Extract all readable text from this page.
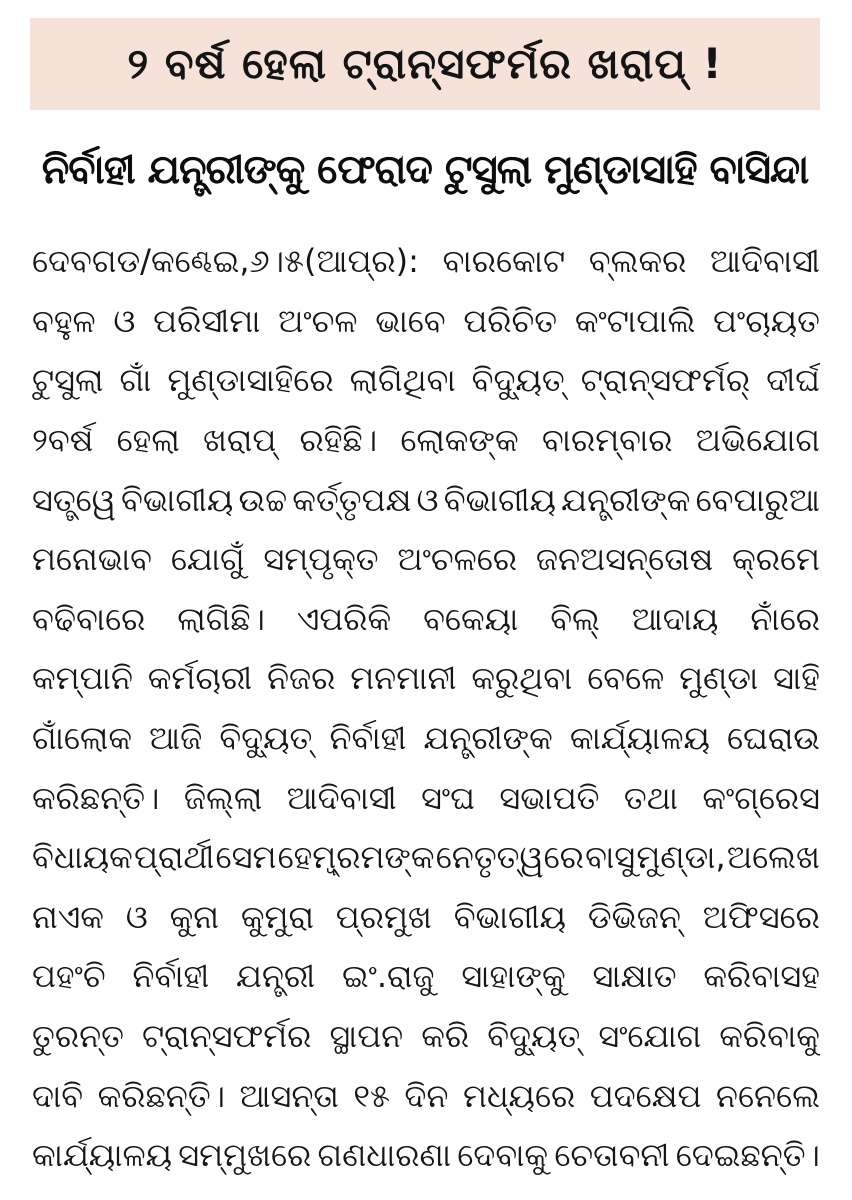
୨ ବର୍ଷ ହେଲା ଟ୍ରାନ୍ସଫର୍ମର ଖରାପ୍ !
ନିର୍ବାହୀ ଯନ୍ତ୍ରୀଙ୍କୁ ଫେରାଦ ଟୁସୁଲା ମୁଣ୍ଡାସାହି ବାସିନ୍ଦା
ଦେବଗଡ/କଣ୍ଢେଇ,୬।୫(ଆପ୍ର): ବାରକୋଟ ବ୍ଲକର ଆଦିବାସୀ
ବହୁଳ ଓ ପରିସୀମା ଅଂଚଳ ଭାବେ ପରିଚିତ କଂଟାପାଲି ପଂଚାୟତ
ଟୁସୁଲା ଗାଁ ମୁଣ୍ଡାସାହିରେ ଲାଗିଥିବା ବିଦ୍ୟୁତ୍ ଟ୍ରାନ୍ସଫର୍ମର୍ ଦୀର୍ଘ
୨ବର୍ଷ ହେଲା ଖରାପ୍ ରହିଛି। ଲୋକଙ୍କ ବାରମ୍ବାର ଅଭିଯୋଗ
ସତ୍ତ୍ୱେ ବିଭାଗୀୟ ଉଚ୍ଚ କର୍ତ୍ତୃପକ୍ଷ ଓ ବିଭାଗୀୟ ଯନ୍ତ୍ରୀଙ୍କ ବେପାରୁଆ
ମନୋଭାବ ଯୋଗୁଁ ସମ୍ପୃକ୍ତ ଅଂଚଳରେ ଜନଅସନ୍ତୋଷ କ୍ରମେ
ବଢିବାରେ ଲାଗିଛି। ଏପରିକି ବକେୟା ବିଲ୍ ଆଦାୟ ନାଁରେ
କମ୍ପାନି କର୍ମଚାରୀ ନିଜର ମନମାନୀ କରୁଥିବା ବେଳେ ମୁଣ୍ଡା ସାହି
ଗାଁଲୋକ ଆଜି ବିଦ୍ୟୁତ୍ ନିର୍ବାହୀ ଯନ୍ତ୍ରୀଙ୍କ କାର୍ଯ୍ୟାଳୟ ଘେରାଉ
କରିଛନ୍ତି। ଜିଲ୍ଲା ଆଦିବାସୀ ସଂଘ ସଭାପତି ତଥା କଂଗ୍ରେସ
ବିଧାୟକ ପ୍ରାର୍ଥୀ ସେମ ହେମ୍ବ୍ରମଙ୍କ ନେତୃତ୍ୱରେ ବାସୁ ମୁଣ୍ଡା, ଅଲେଖ
ନାଏକ ଓ କୁନା କୁମୁରା ପ୍ରମୁଖ ବିଭାଗୀୟ ଡିଭିଜନ୍ ଅଫିସରେ
ପହଂଚି ନିର୍ବାହୀ ଯନ୍ତ୍ରୀ ଇଂ.ରାଜୁ ସାହାଙ୍କୁ ସାକ୍ଷାତ କରିବାସହ
ତୁରନ୍ତ ଟ୍ରାନ୍ସଫର୍ମର ସ୍ଥାପନ କରି ବିଦ୍ୟୁତ୍ ସଂଯୋଗ କରିବାକୁ
ଦାବି କରିଛନ୍ତି। ଆସନ୍ତା ୧୫ ଦିନ ମଧ୍ୟରେ ପଦକ୍ଷେପ ନନେଲେ
କାର୍ଯ୍ୟାଳୟ ସମ୍ମୁଖରେ ଗଣଧାରଣା ଦେବାକୁ ଚେତାବନୀ ଦେଇଛନ୍ତି।
